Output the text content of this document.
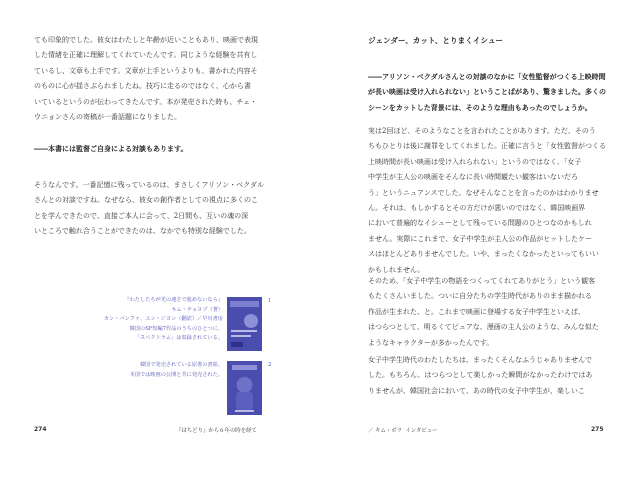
ても印象的でした。彼女はわたしと年齢が近いこともあり、映画で表現
した情緒を正確に理解してくれていたんです。同じような経験を共有し
ているし、文章も上手です。文章が上手というよりも、書かれた内容そ
のものに心が揺さぶられましたね。技巧に走るのではなく、心から書
いているというのが伝わってきたんです。本が発売された時も、チェ・
ウニョンさんの寄稿が一番話題になりました。
――本書には監督ご自身による対談もあります。
そうなんです。一番記憶に残っているのは、まさしくアリソン・ベクダル
さんとの対談ですね。なぜなら、彼女の創作者としての視点に多くのこ
とを学んできたので、直接ご本人に会って、2日間も、互いの魂の深
いところで触れ合うことができたのは、なかでも特別な経験でした。
『わたしたちが光の速さで進めないなら』
キム・チョヨプ（著）
カン・バンファ、ユン・ジヨン（翻訳）／早川書房
韓国のSF短編7作品のうちのひとつに、
「スペクトラム」は収録されている。
1
韓国で発売されている原書の書影。
本国では映画の公開と共に発売された。
2
274	『はちどり』から６年の時を経て
ジェンダー、カット、とりまくイシュー
――アリソン・ベクダルさんとの対談のなかに「女性監督がつくる上映時間
が長い映画は受け入れられない」ということばがあり、驚きました。多くの
シーンをカットした背景には、そのような理由もあったのでしょうか。
実は2回ほど、そのようなことを言われたことがあります。ただ、そのう
ちもひとりは後に謝罪をしてくれました。正確に言うと「女性監督がつくる
上映時間が長い映画は受け入れられない」というのではなく、「女子
中学生が主人公の映画をそんなに長い時間観たい観客はいないだろ
う」というニュアンスでした。なぜそんなことを言ったのかはわかりませ
ん。それは、もしかするとその方だけが悪いのではなく、韓国映画界
において普遍的なイシューとして残っている問題のひとつなのかもしれ
ません。実際にこれまで、女子中学生が主人公の作品がヒットしたケー
スはほとんどありませんでした。いや、まったくなかったといってもいい
かもしれません。
そのため、「女子中学生の物語をつくってくれてありがとう」という観客
もたくさんいました。ついに自分たちの学生時代がありのまま描かれる
作品が生まれた、と。これまで映画に登場する女子中学生といえば、
はつらつとして、明るくてピュアな、漫画の主人公のような、みんな似た
ようなキャラクターが多かったんです。
女子中学生時代のわたしたちは、まったくそんなふうじゃありませんで
した。もちろん、はつらつとして楽しかった瞬間がなかったわけではあ
りませんが、韓国社会において、あの時代の女子中学生が、楽しいこ
／ キム・ボラ  インタビュー	275
